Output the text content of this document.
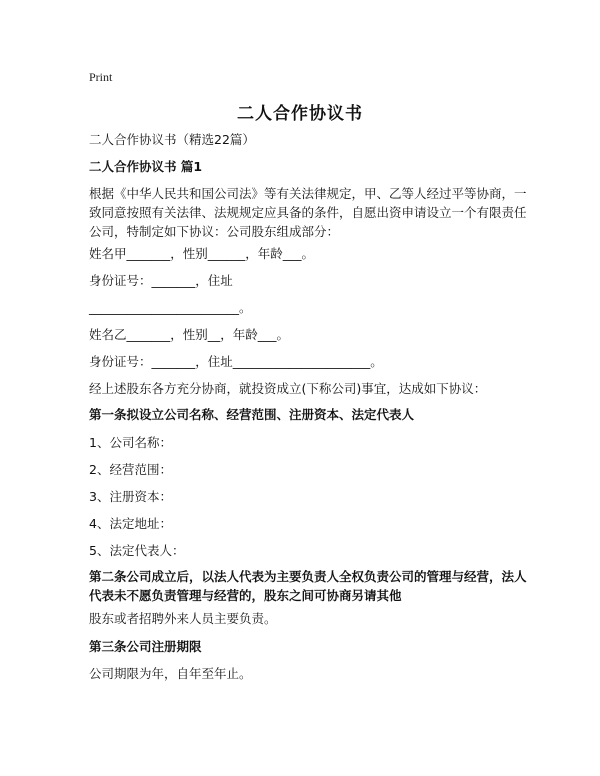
Print
二人合作协议书
二人合作协议书（精选22篇）
二人合作协议书 篇1
根据《中华人民共和国公司法》等有关法律规定，甲、乙等人经过平等协商，一致同意按照有关法律、法规规定应具备的条件，自愿出资申请设立一个有限责任公司，特制定如下协议：公司股东组成部分：
姓名甲_______，性别______，年龄___。
身份证号：_______，住址
________________________。
姓名乙_______，性别__，年龄___。
身份证号：_______，住址______________________。
经上述股东各方充分协商，就投资成立(下称公司)事宜，达成如下协议：
第一条拟设立公司名称、经营范围、注册资本、法定代表人
1、公司名称：
2、经营范围：
3、注册资本：
4、法定地址：
5、法定代表人：
第二条公司成立后，以法人代表为主要负责人全权负责公司的管理与经营，法人代表未不愿负责管理与经营的，股东之间可协商另请其他
股东或者招聘外来人员主要负责。
第三条公司注册期限
公司期限为年，自年至年止。
